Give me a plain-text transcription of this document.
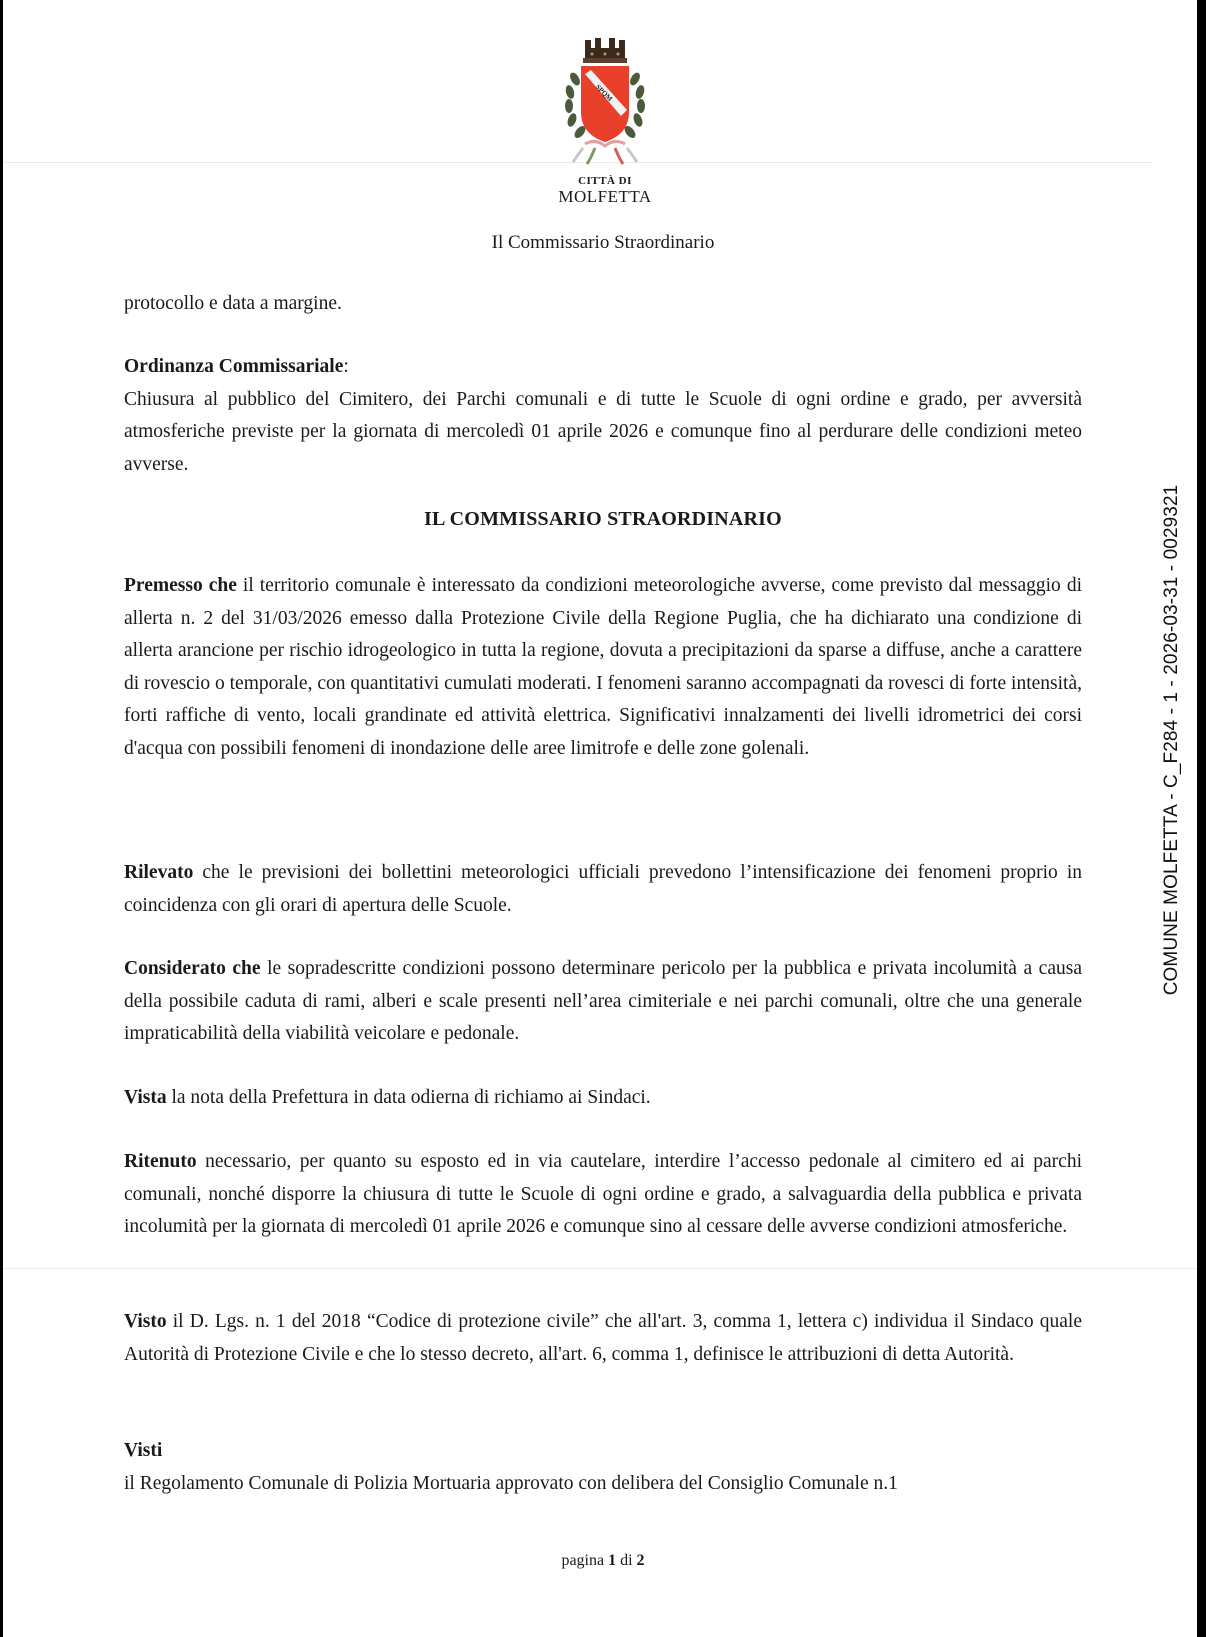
SPQM
CITTÀ DI
MOLFETTA
Il Commissario Straordinario

protocollo e data a margine.

Ordinanza Commissariale:

Chiusura al pubblico del Cimitero, dei Parchi comunali e di tutte le Scuole di ogni ordine e grado, per avversità atmosferiche previste per la giornata di mercoledì 01 aprile 2026 e comunque fino al perdurare delle condizioni meteo avverse.

IL COMMISSARIO STRAORDINARIO

Premesso che il territorio comunale è interessato da condizioni meteorologiche avverse, come previsto dal messaggio di allerta n. 2 del 31/03/2026 emesso dalla Protezione Civile della Regione Puglia, che ha dichiarato una condizione di allerta arancione per rischio idrogeologico in tutta la regione, dovuta a precipitazioni da sparse a diffuse, anche a carattere di rovescio o temporale, con quantitativi cumulati moderati. I fenomeni saranno accompagnati da rovesci di forte intensità, forti raffiche di vento, locali grandinate ed attività elettrica. Significativi innalzamenti dei livelli idrometrici dei corsi d'acqua con possibili fenomeni di inondazione delle aree limitrofe e delle zone golenali.

Rilevato che le previsioni dei bollettini meteorologici ufficiali prevedono l’intensificazione dei fenomeni proprio in coincidenza con gli orari di apertura delle Scuole.

Considerato che le sopradescritte condizioni possono determinare pericolo per la pubblica e privata incolumità a causa della possibile caduta di rami, alberi e scale presenti nell’area cimiteriale e nei parchi comunali, oltre che una generale impraticabilità della viabilità veicolare e pedonale.

Vista la nota della Prefettura in data odierna di richiamo ai Sindaci.

Ritenuto necessario, per quanto su esposto ed in via cautelare, interdire l’accesso pedonale al cimitero ed ai parchi comunali, nonché disporre la chiusura di tutte le Scuole di ogni ordine e grado, a salvaguardia della pubblica e privata incolumità per la giornata di mercoledì 01 aprile 2026 e comunque sino al cessare delle avverse condizioni atmosferiche.

Visto il D. Lgs. n. 1 del 2018 “Codice di protezione civile” che all'art. 3, comma 1, lettera c) individua il Sindaco quale Autorità di Protezione Civile e che lo stesso decreto, all'art. 6, comma 1, definisce le attribuzioni di detta Autorità.

Visti

il Regolamento Comunale di Polizia Mortuaria approvato con delibera del Consiglio Comunale n.1

pagina 1 di 2
COMUNE MOLFETTA - C_F284 - 1 - 2026-03-31 - 0029321
